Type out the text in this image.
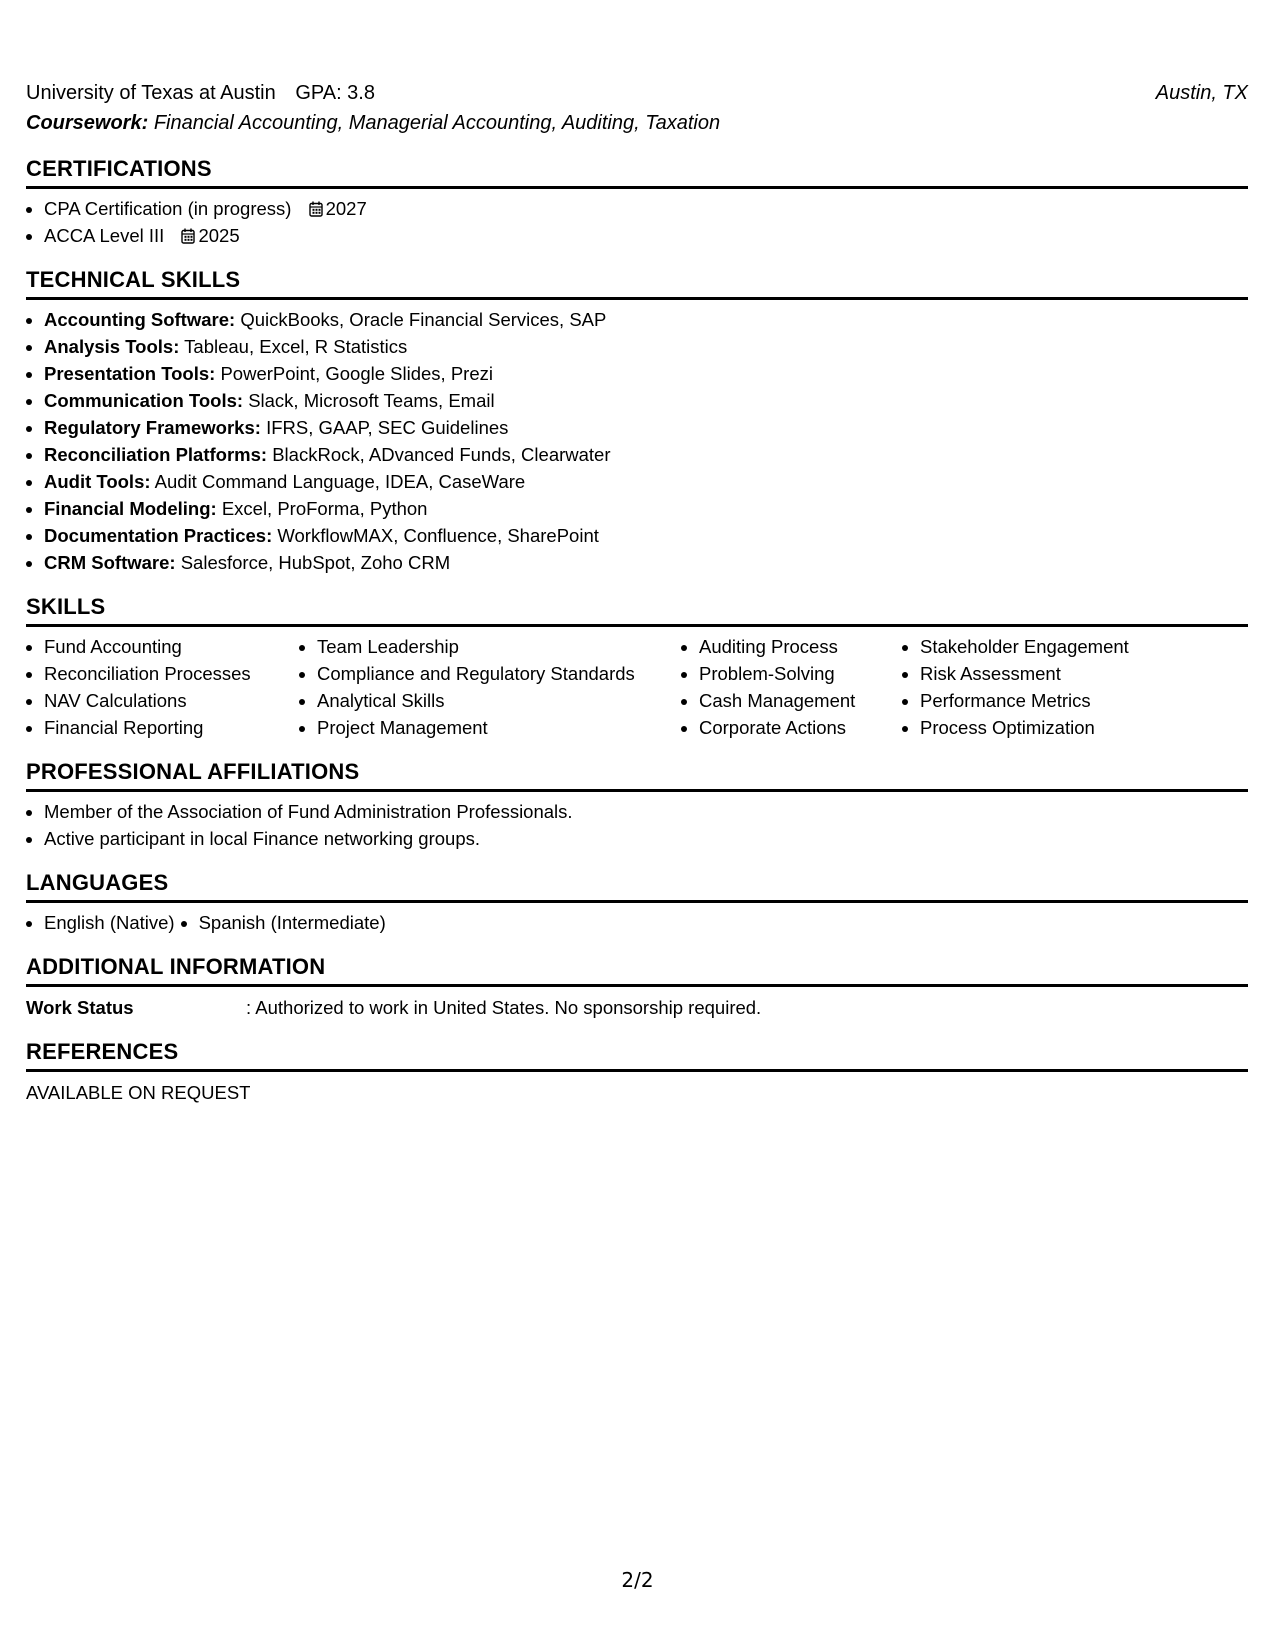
University of Texas at Austin GPA: 3.8	Austin, TX
Coursework: Financial Accounting, Managerial Accounting, Auditing, Taxation
CERTIFICATIONS
• CPA Certification (in progress) 2027
• ACCA Level III 2025
TECHNICAL SKILLS
• Accounting Software: QuickBooks, Oracle Financial Services, SAP
• Analysis Tools: Tableau, Excel, R Statistics
• Presentation Tools: PowerPoint, Google Slides, Prezi
• Communication Tools: Slack, Microsoft Teams, Email
• Regulatory Frameworks: IFRS, GAAP, SEC Guidelines
• Reconciliation Platforms: BlackRock, ADvanced Funds, Clearwater
• Audit Tools: Audit Command Language, IDEA, CaseWare
• Financial Modeling: Excel, ProForma, Python
• Documentation Practices: WorkflowMAX, Confluence, SharePoint
• CRM Software: Salesforce, HubSpot, Zoho CRM
SKILLS
• Fund Accounting
• Reconciliation Processes
• NAV Calculations
• Financial Reporting
• Team Leadership
• Compliance and Regulatory Standards
• Analytical Skills
• Project Management
• Auditing Process
• Problem-Solving
• Cash Management
• Corporate Actions
• Stakeholder Engagement
• Risk Assessment
• Performance Metrics
• Process Optimization
PROFESSIONAL AFFILIATIONS
• Member of the Association of Fund Administration Professionals.
• Active participant in local Finance networking groups.
LANGUAGES
• English (Native)
• Spanish (Intermediate)
ADDITIONAL INFORMATION
Work Status	: Authorized to work in United States. No sponsorship required.
REFERENCES
AVAILABLE ON REQUEST
2/2
